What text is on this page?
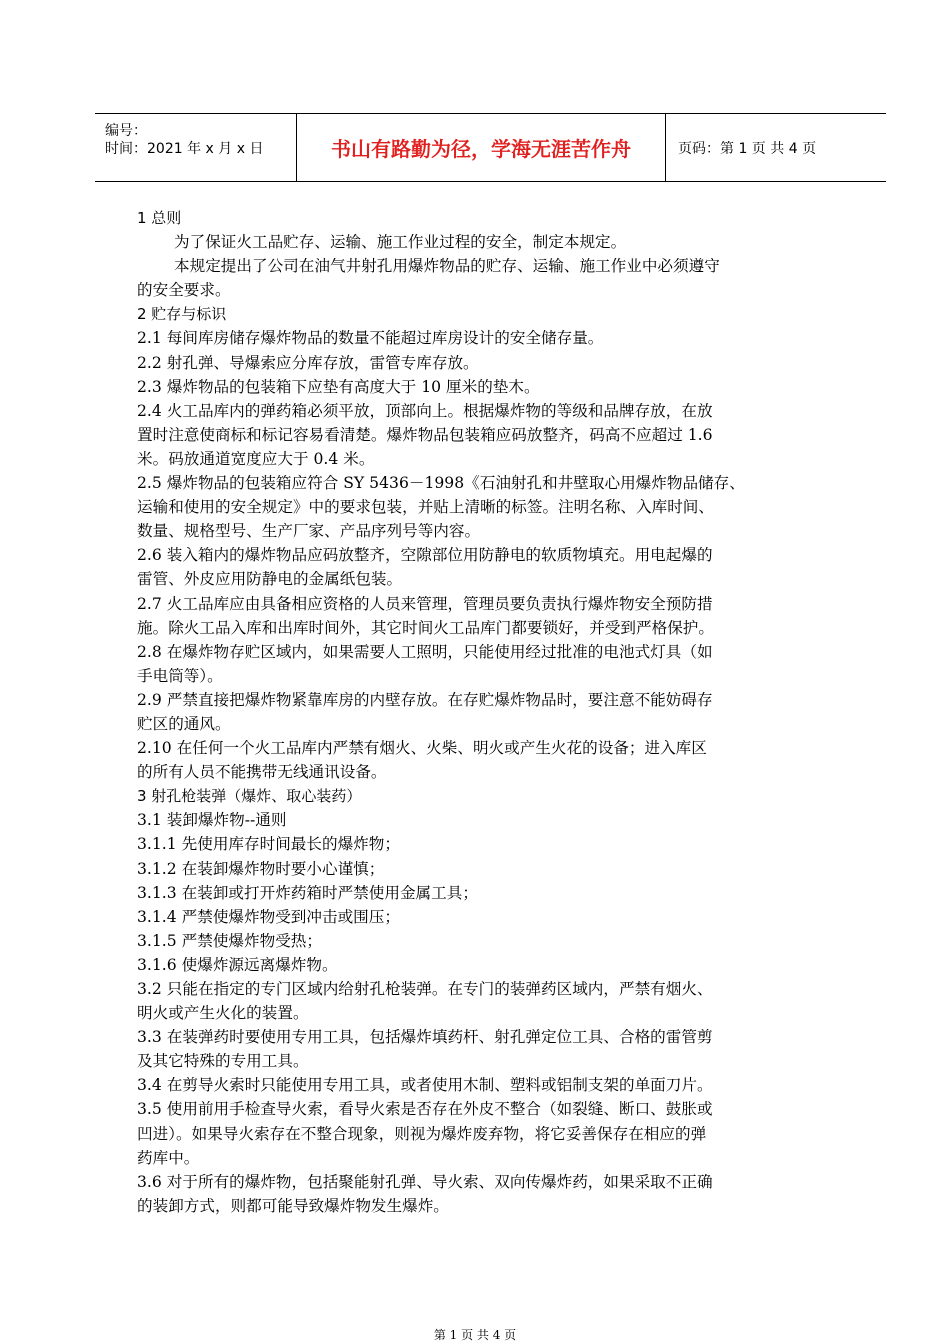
编号：
时间：2021 年 x 月 x 日	书山有路勤为径，学海无涯苦作舟	页码：第 1 页 共 4 页

1 总则

为了保证火工品贮存、运输、施工作业过程的安全，制定本规定。

本规定提出了公司在油气井射孔用爆炸物品的贮存、运输、施工作业中必须遵守

的安全要求。

2 贮存与标识

2.1 每间库房储存爆炸物品的数量不能超过库房设计的安全储存量。

2.2 射孔弹、导爆索应分库存放，雷管专库存放。

2.3 爆炸物品的包装箱下应垫有高度大于 10 厘米的垫木。

2.4 火工品库内的弹药箱必须平放，顶部向上。根据爆炸物的等级和品牌存放，在放

置时注意使商标和标记容易看清楚。爆炸物品包装箱应码放整齐，码高不应超过 1.6

米。码放通道宽度应大于 0.4 米。

2.5 爆炸物品的包装箱应符合 SY 5436－1998《石油射孔和井壁取心用爆炸物品储存、

运输和使用的安全规定》中的要求包装，并贴上清晰的标签。注明名称、入库时间、

数量、规格型号、生产厂家、产品序列号等内容。

2.6 装入箱内的爆炸物品应码放整齐，空隙部位用防静电的软质物填充。用电起爆的

雷管、外皮应用防静电的金属纸包装。

2.7 火工品库应由具备相应资格的人员来管理，管理员要负责执行爆炸物安全预防措

施。除火工品入库和出库时间外，其它时间火工品库门都要锁好，并受到严格保护。

2.8 在爆炸物存贮区域内，如果需要人工照明，只能使用经过批准的电池式灯具（如

手电筒等）。

2.9 严禁直接把爆炸物紧靠库房的内壁存放。在存贮爆炸物品时，要注意不能妨碍存

贮区的通风。

2.10 在任何一个火工品库内严禁有烟火、火柴、明火或产生火花的设备；进入库区

的所有人员不能携带无线通讯设备。

3 射孔枪装弹（爆炸、取心装药）

3.1 装卸爆炸物--通则

3.1.1 先使用库存时间最长的爆炸物；

3.1.2 在装卸爆炸物时要小心谨慎；

3.1.3 在装卸或打开炸药箱时严禁使用金属工具；

3.1.4 严禁使爆炸物受到冲击或围压；

3.1.5 严禁使爆炸物受热；

3.1.6 使爆炸源远离爆炸物。

3.2 只能在指定的专门区域内给射孔枪装弹。在专门的装弹药区域内，严禁有烟火、

明火或产生火化的装置。

3.3 在装弹药时要使用专用工具，包括爆炸填药杆、射孔弹定位工具、合格的雷管剪

及其它特殊的专用工具。

3.4 在剪导火索时只能使用专用工具，或者使用木制、塑料或铝制支架的单面刀片。

3.5 使用前用手检查导火索，看导火索是否存在外皮不整合（如裂缝、断口、鼓胀或

凹进）。如果导火索存在不整合现象，则视为爆炸废弃物，将它妥善保存在相应的弹

药库中。

3.6 对于所有的爆炸物，包括聚能射孔弹、导火索、双向传爆炸药，如果采取不正确

的装卸方式，则都可能导致爆炸物发生爆炸。

第 1 页 共 4 页
